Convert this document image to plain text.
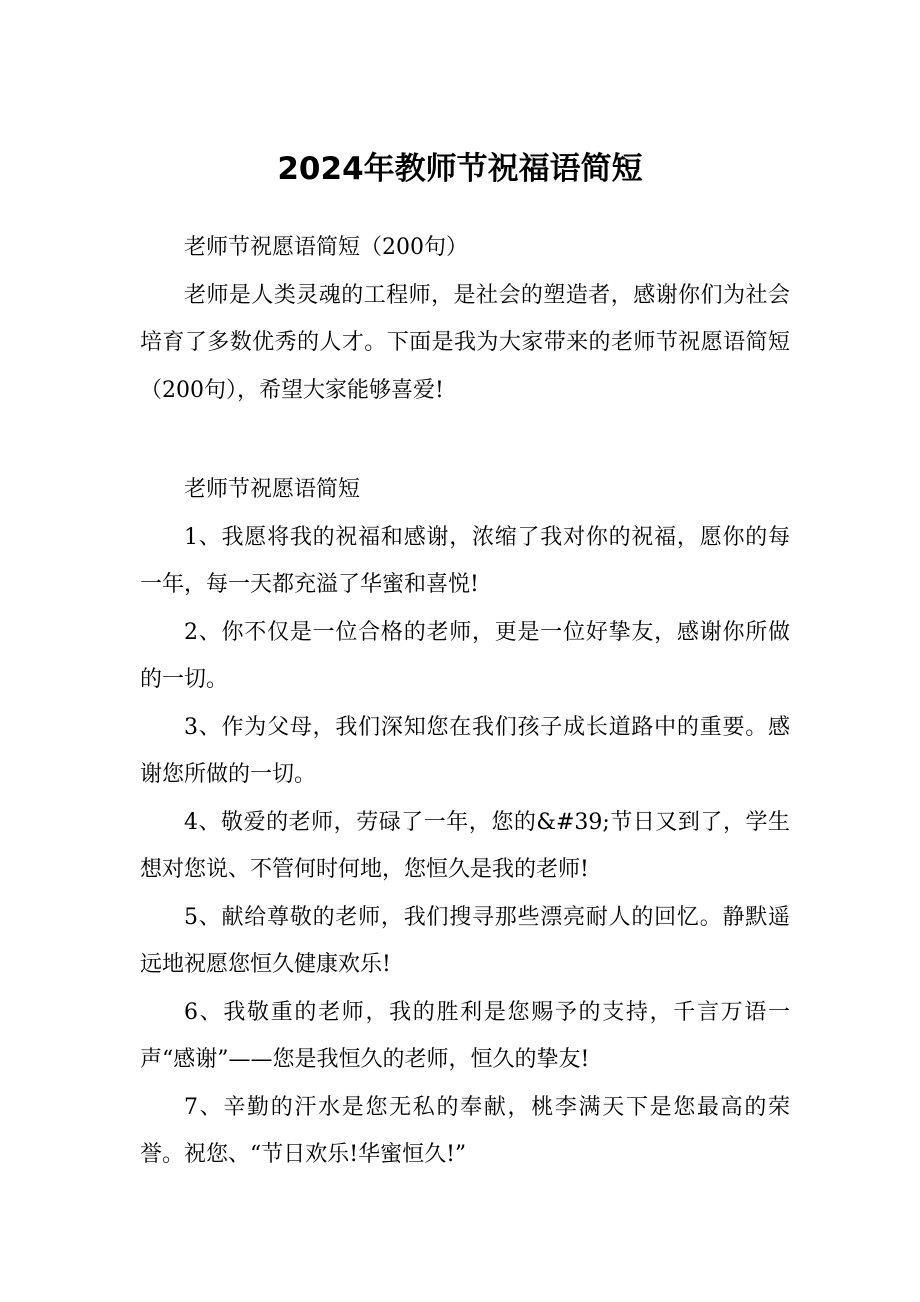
2024年教师节祝福语简短

老师节祝愿语简短（200句）

老师是人类灵魂的工程师，是社会的塑造者，感谢你们为社会培育了多数优秀的人才。下面是我为大家带来的老师节祝愿语简短（200句），希望大家能够喜爱!

老师节祝愿语简短

1、我愿将我的祝福和感谢，浓缩了我对你的祝福，愿你的每一年，每一天都充溢了华蜜和喜悦!

2、你不仅是一位合格的老师，更是一位好挚友，感谢你所做的一切。

3、作为父母，我们深知您在我们孩子成长道路中的重要。感谢您所做的一切。

4、敬爱的老师，劳碌了一年，您的&#39;节日又到了，学生想对您说、不管何时何地，您恒久是我的老师!

5、献给尊敬的老师，我们搜寻那些漂亮耐人的回忆。静默遥远地祝愿您恒久健康欢乐!

6、我敬重的老师，我的胜利是您赐予的支持，千言万语一声“感谢”——您是我恒久的老师，恒久的挚友!

7、辛勤的汗水是您无私的奉献，桃李满天下是您最高的荣誉。祝您、“节日欢乐!华蜜恒久!”
